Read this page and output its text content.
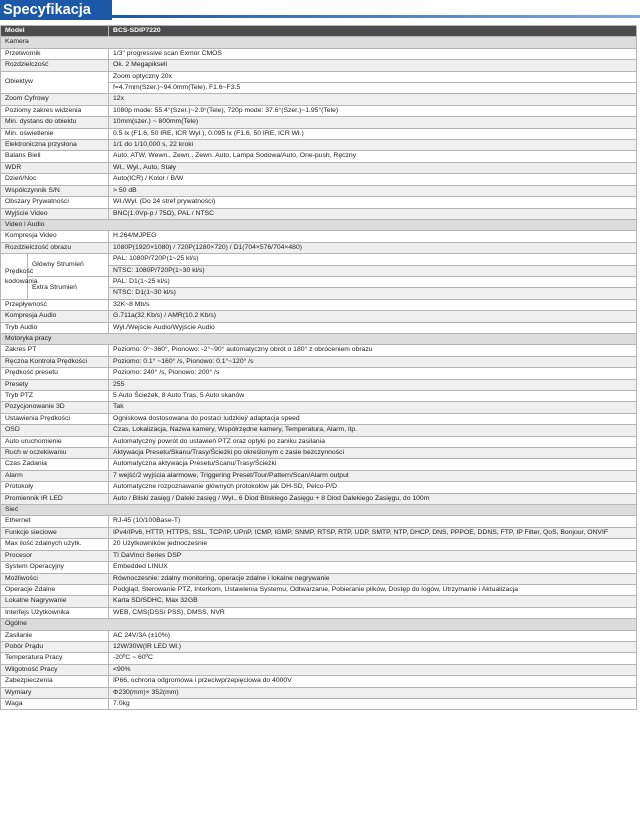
Specyfikacja
Model		BCS-SDIP7220
Kamera		
Przetwornik		1/3" progressive scan Exmor CMOS
Rozdzielczość		Ok. 2 Megapikseli
Obiektyw		Zoom optyczny 20x
		f=4.7mm(Szer.)~94.0mm(Tele), F1.6~F3.5
Zoom Cyfrowy		12x
Poziomy zakres widzenia		1080p mode: 55.4°(Szer.)~2.9°(Tele), 720p mode: 37.6°(Szer.)~1.95°(Tele)
Min. dystans do obiektu		10mm(szer.) ~ 800mm(Tele)
Min. oświetlenie		0.5 lx (F1.6, 50 IRE, ICR Wył.), 0.095 lx (F1.6, 50 IRE, ICR Wł.)
Elektroniczna przysłona		1/1 do 1/10,000 s, 22 kroki
Balans Bieli		Auto, ATW, Wewn., Zewn., Zewn. Auto, Lampa Sodowa/Auto, One-push, Ręczny
WDR		Wł., Wył., Auto, Stały
Dzień/Noc		Auto(ICR) / Kolor / B/W
Współczynnik S/N		> 50 dB
Obszary Prywatności		Wł./Wył. (Do 24 stref prywatności)
Wyjście Video		BNC(1.0Vp-p / 75Ω), PAL / NTSC
Video i Audio		
Kompresja Video		H.264/MJPEG
Rozdzielczość obrazu		1080P(1920×1080) / 720P(1280×720) / D1(704×576/704×480)
Prędkość kodowania	Główny Strumień	PAL: 1080P/720P(1~25 kl/s)
		NTSC: 1080P/720P(1~30 kl/s)
	Extra Strumień	PAL: D1(1~25 kl/s)
		NTSC: D1(1~30 kl/s)
Przepływność		32K~8 Mb/s
Kompresja Audio		G.711a(32 Kb/s) / AMR(10.2 Kb/s)
Tryb Audio		Wył./Wejście Audio/Wyjście Audio
Motoryka pracy		
Zakres PT		Poziomo: 0°~360°, Pionowo: -2°~90° automatyczny obrót o 180° z obróceniem obrazu
Ręczna Kontrola Prędkości		Poziomo: 0.1° ~160° /s, Pionowo: 0.1°~120° /s
Prędkość presetu		Poziomo: 240° /s, Pionowo: 200° /s
Presety		255
Tryb PTZ		5 Auto Ścieżek, 8 Auto Tras, 5 Auto skanów
Pozycjonowanie 3D		Tak
Ustawienia Prędkości		Ogniskowa dostosowana do postaci ludzkiej/ adaptacja speed
OSD		Czas, Lokalizacja, Nazwa kamery, Współrzędne kamery, Temperatura, Alarm, itp.
Auto uruchomienie		Automatyczny powrót do ustawień PTZ oraz optyki po zaniku zasilania
Ruch w oczekiwaniu		Aktywacja Presetu/Skanu/Trasy/Ścieżki po określonym c zasie bezczynności
Czas Zadania		Automatyczna aktywacja Presetu/Scanu/Trasy/Ścieżki
Alarm		7 wejść/2 wyjścia alarmowe, Triggering Preset/Tour/Pattern/Scan/Alarm output
Protokoły		Automatyczne rozpoznawanie głównych protokołów jak DH-SD, Pelco-P/D
Promiennik IR LED		Auto / Bliski zasięg / Daleki zasięg / Wył., 6 Diod Bliskiego Zasięgu + 8 Diod Dalekiego Zasięgu, do 100m
Sieć		
Ethernet		RJ-45 (10/100Base-T)
Funkcje sieciowe		IPv4/IPv6, HTTP, HTTPS, SSL, TCP/IP, UPnP, ICMP, IGMP, SNMP, RTSP, RTP, UDP, SMTP, NTP, DHCP, DNS, PPPOE, DDNS, FTP, IP Filter, QoS, Bonjour, ONVIF
Max ilość zdalnych użytk.		20 Użytkowników jednocześnie
Procesor		TI DaVinci Series DSP
System Operacyjny		Embedded LINUX
Możliwości		Równoczesnie: zdalny monitoring, operacje zdalne i lokalne negrywanie
Operacje Zdalne		Podgląd, Sterowanie PTZ, Interkom, Ustawienia Systemu, Odtwarzanie, Pobieranie plików, Dostęp do logów, Utrzymanie i Aktualizacja
Lokalne Nagrywanie		Karta SD/SDHC, Max 32GB
Interfejs Użytkownika		WEB, CMS(DSS/ PSS), DMSS, NVR
Ogólne		
Zasilanie		AC 24V/3A (±10%)
Pobór Prądu		12W/30W(IR LED Wł.)
Temperatura Pracy		-20ºC ~ 60ºC
Wilgotność Pracy		<90%
Zabezpieczenia		IP66, ochrona odgromowa i przeciwprzepięciowa do 4000V
Wymiary		Φ230(mm)× 352(mm)
Waga		7.0kg
